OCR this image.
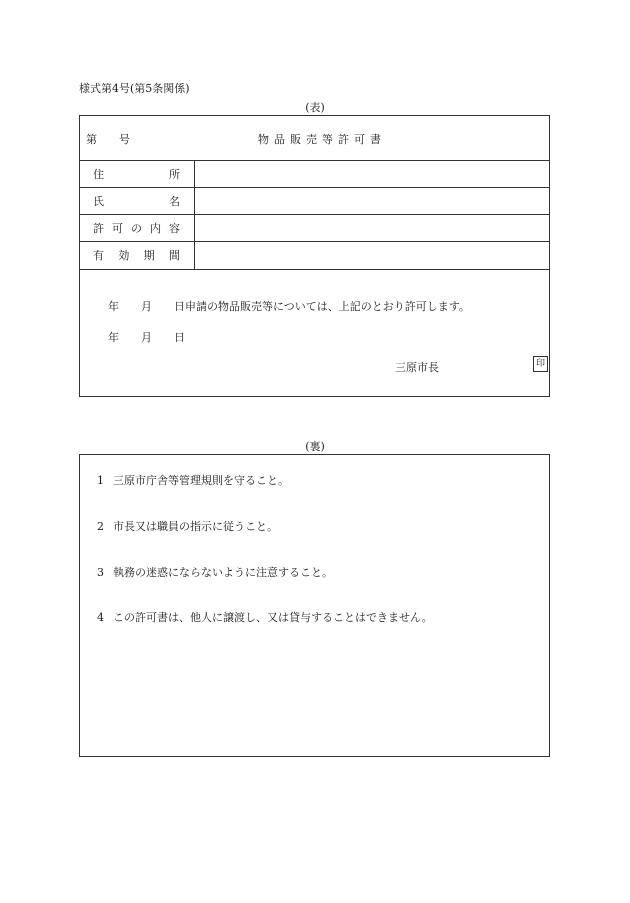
様式第4号(第5条関係)
(表)
第　　号	物品販売等許可書
住	所
氏	名
許 可 の 内 容
有 効 期 間
年　　月　　日申請の物品販売等については、上記のとおり許可します。
年　　月　　日
三原市長	印
(裏)
1 三原市庁舎等管理規則を守ること。
2 市長又は職員の指示に従うこと。
3 執務の迷惑にならないように注意すること。
4 この許可書は、他人に譲渡し、又は貸与することはできません。
